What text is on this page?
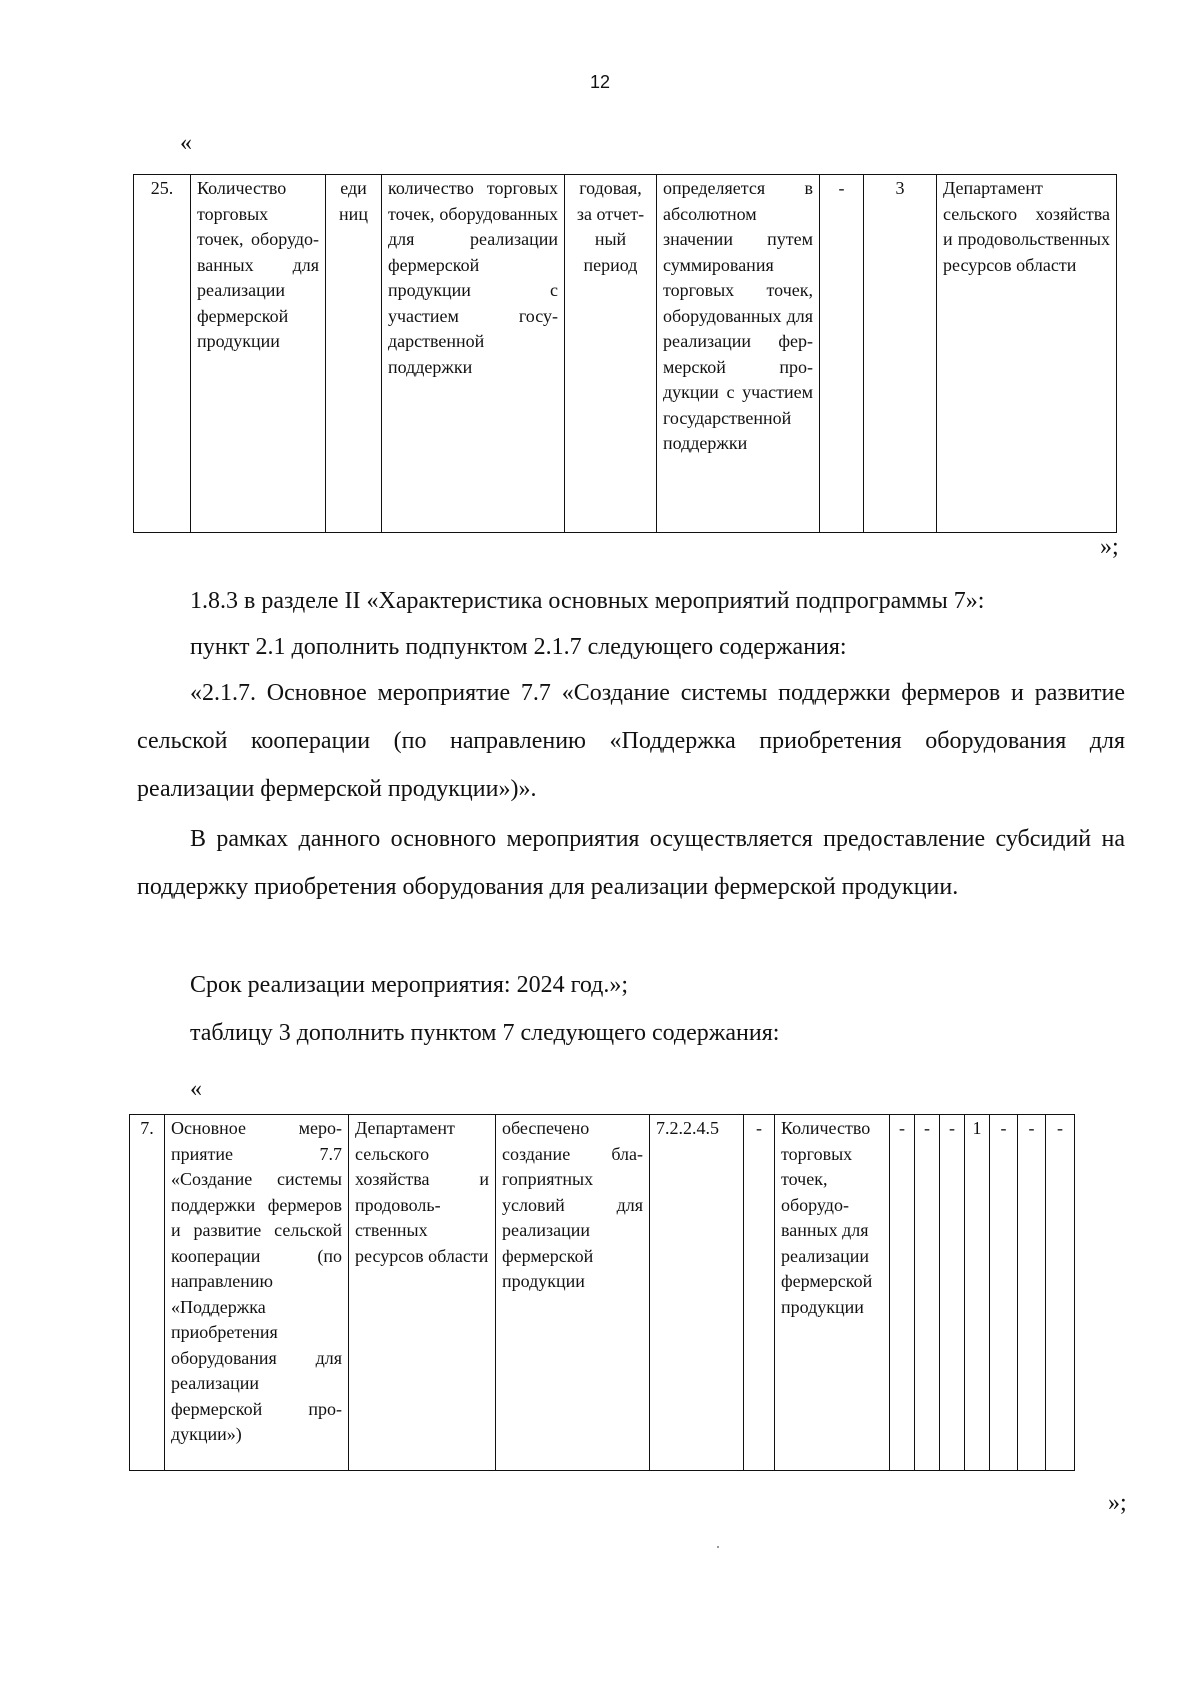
12
«
25.	Количество торговых точек, оборудованных для реализации фермерской продукции	еди ниц	количество торговых точек, оборудованных для реализации фермерской продукции с участием государственной поддержки	годовая, за отчетный период	определяется в абсолютном значении путем суммирования торговых точек, оборудованных для реализации фермерской продукции с участием государственной поддержки	-	3	Департамент сельского хозяйства и продовольственных ресурсов области
»;
1.8.3 в разделе II «Характеристика основных мероприятий подпрограммы 7»:
пункт 2.1 дополнить подпунктом 2.1.7 следующего содержания:
«2.1.7. Основное мероприятие 7.7 «Создание системы поддержки фермеров и развитие сельской кооперации (по направлению «Поддержка приобретения оборудования для реализации фермерской продукции»)».
В рамках данного основного мероприятия осуществляется предоставление субсидий на поддержку приобретения оборудования для реализации фермерской продукции.
Срок реализации мероприятия: 2024 год.»;
таблицу 3 дополнить пунктом 7 следующего содержания:
«
7.	Основное мероприятие 7.7 «Создание системы поддержки фермеров и развитие сельской кооперации (по направлению «Поддержка приобретения оборудования для реализации фермерской продукции»)	Департамент сельского хозяйства и продовольственных ресурсов области	обеспечено создание благоприятных условий для реализации фермерской продукции	7.2.2.4.5	-	Количество торговых точек, оборудованных для реализации фермерской продукции	-	-	-	1	-	-	-
»;
